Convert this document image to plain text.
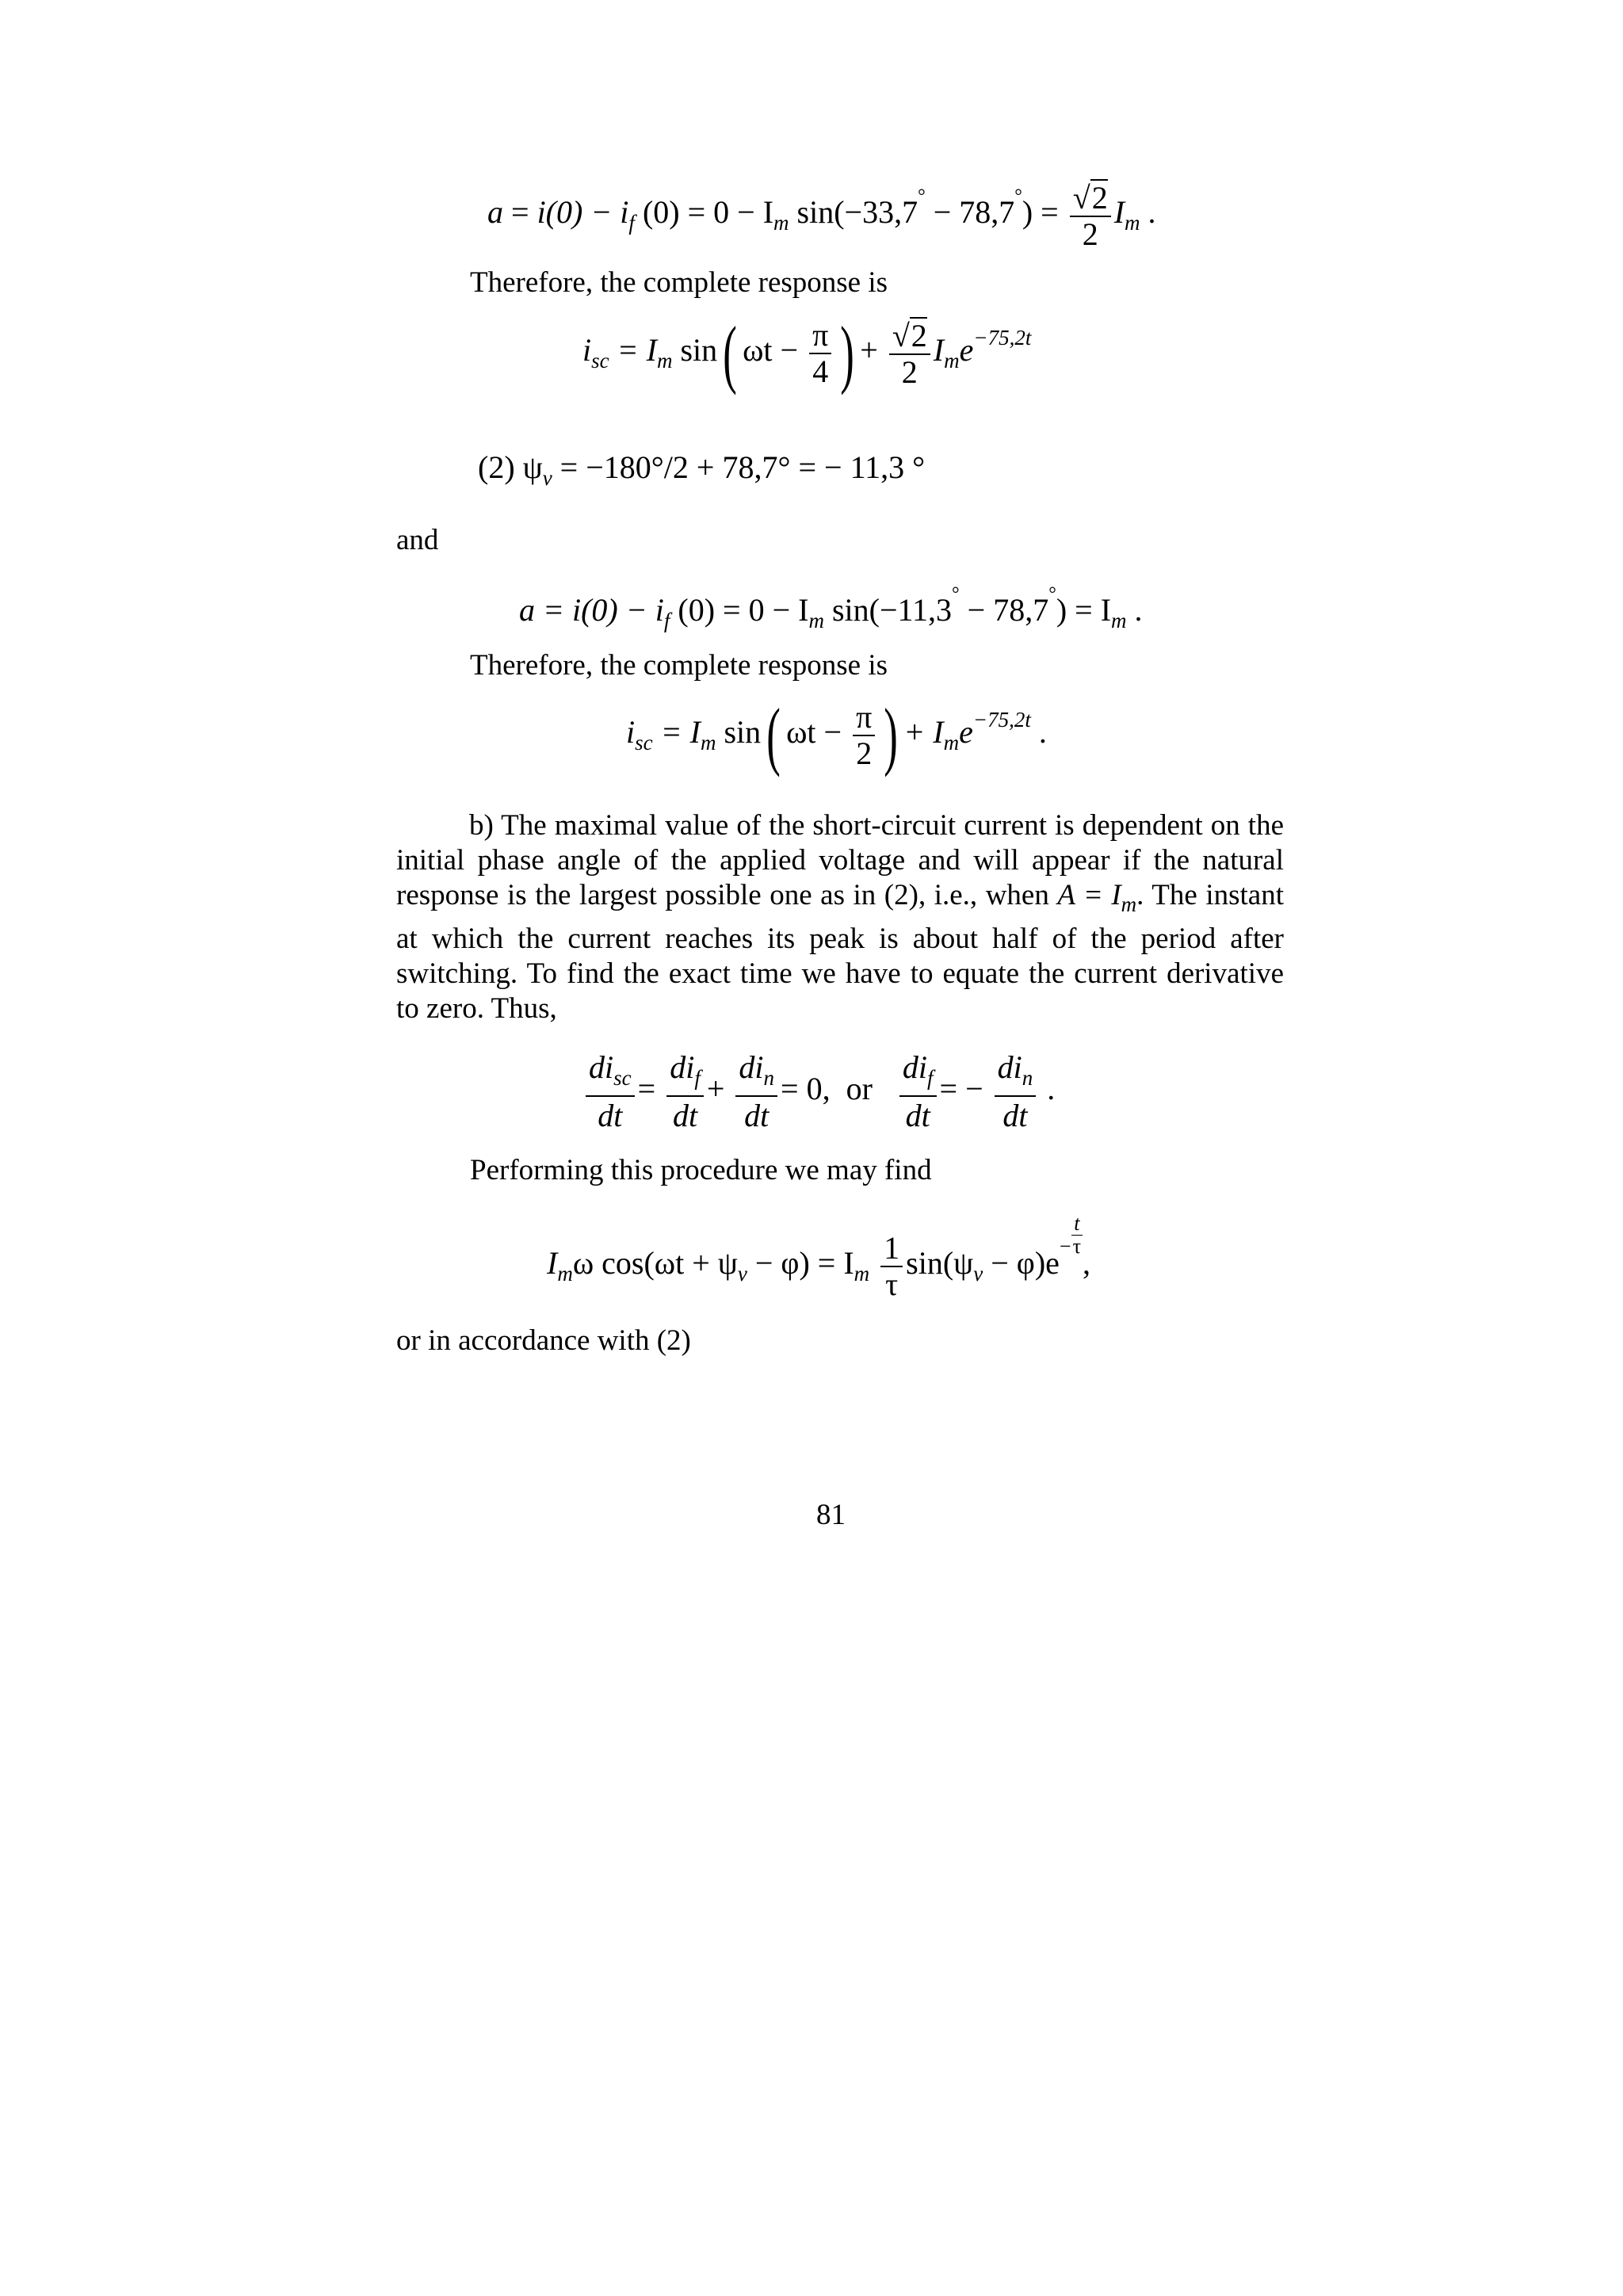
$a = i(0) - i_f$ $(0) = 0 - I_m$ $\sin(-33,7^\circ - 78,7^\circ) = \frac{√2}{2} I_m$ .
Therefore, the complete response is
$i_{sc} = I_m$ sin( $\omega t - \frac{\pi}{4}$ ) + $\frac{√2}{2} I_me^{-75,2t}$
(2) $\psi_v = -180^\circ/2 + 78,7^\circ$ = − 11,3 °
and
$a = i(0) - i_f$ $(0) = 0 - I_m$ $\sin(-11,3^\circ - 78,7^\circ) = I_m$ .
Therefore, the complete response is
$i_{sc} = I_m$ sin( $\omega t - \frac{\pi}{2}$ ) + $I_me^{-75,2t}$ .
b) The maximal value of the short-circuit current is dependent on the initial phase angle of the applied voltage and will appear if the natural response is the largest possible one as in (2), i.e., when $A = I_m$. The instant at which the current reaches its peak is about half of the period after switching. To find the exact time we have to equate the current derivative to zero. Thus,
$\frac{di_{sc}}{dt} = \frac{di_f}{dt} + \frac{di_n}{dt} = 0$, or $\frac{di_f}{dt}$ = − $\frac{di_n}{dt}$ .
Performing this procedure we may find
$I_m\omega$ $\cos(\omega t + \psi_v - \varphi) = I_m \frac{1}{\tau} \sin(\psi_v - \varphi)e^- \frac{t}{\tau}$
,
or in accordance with (2)
81
